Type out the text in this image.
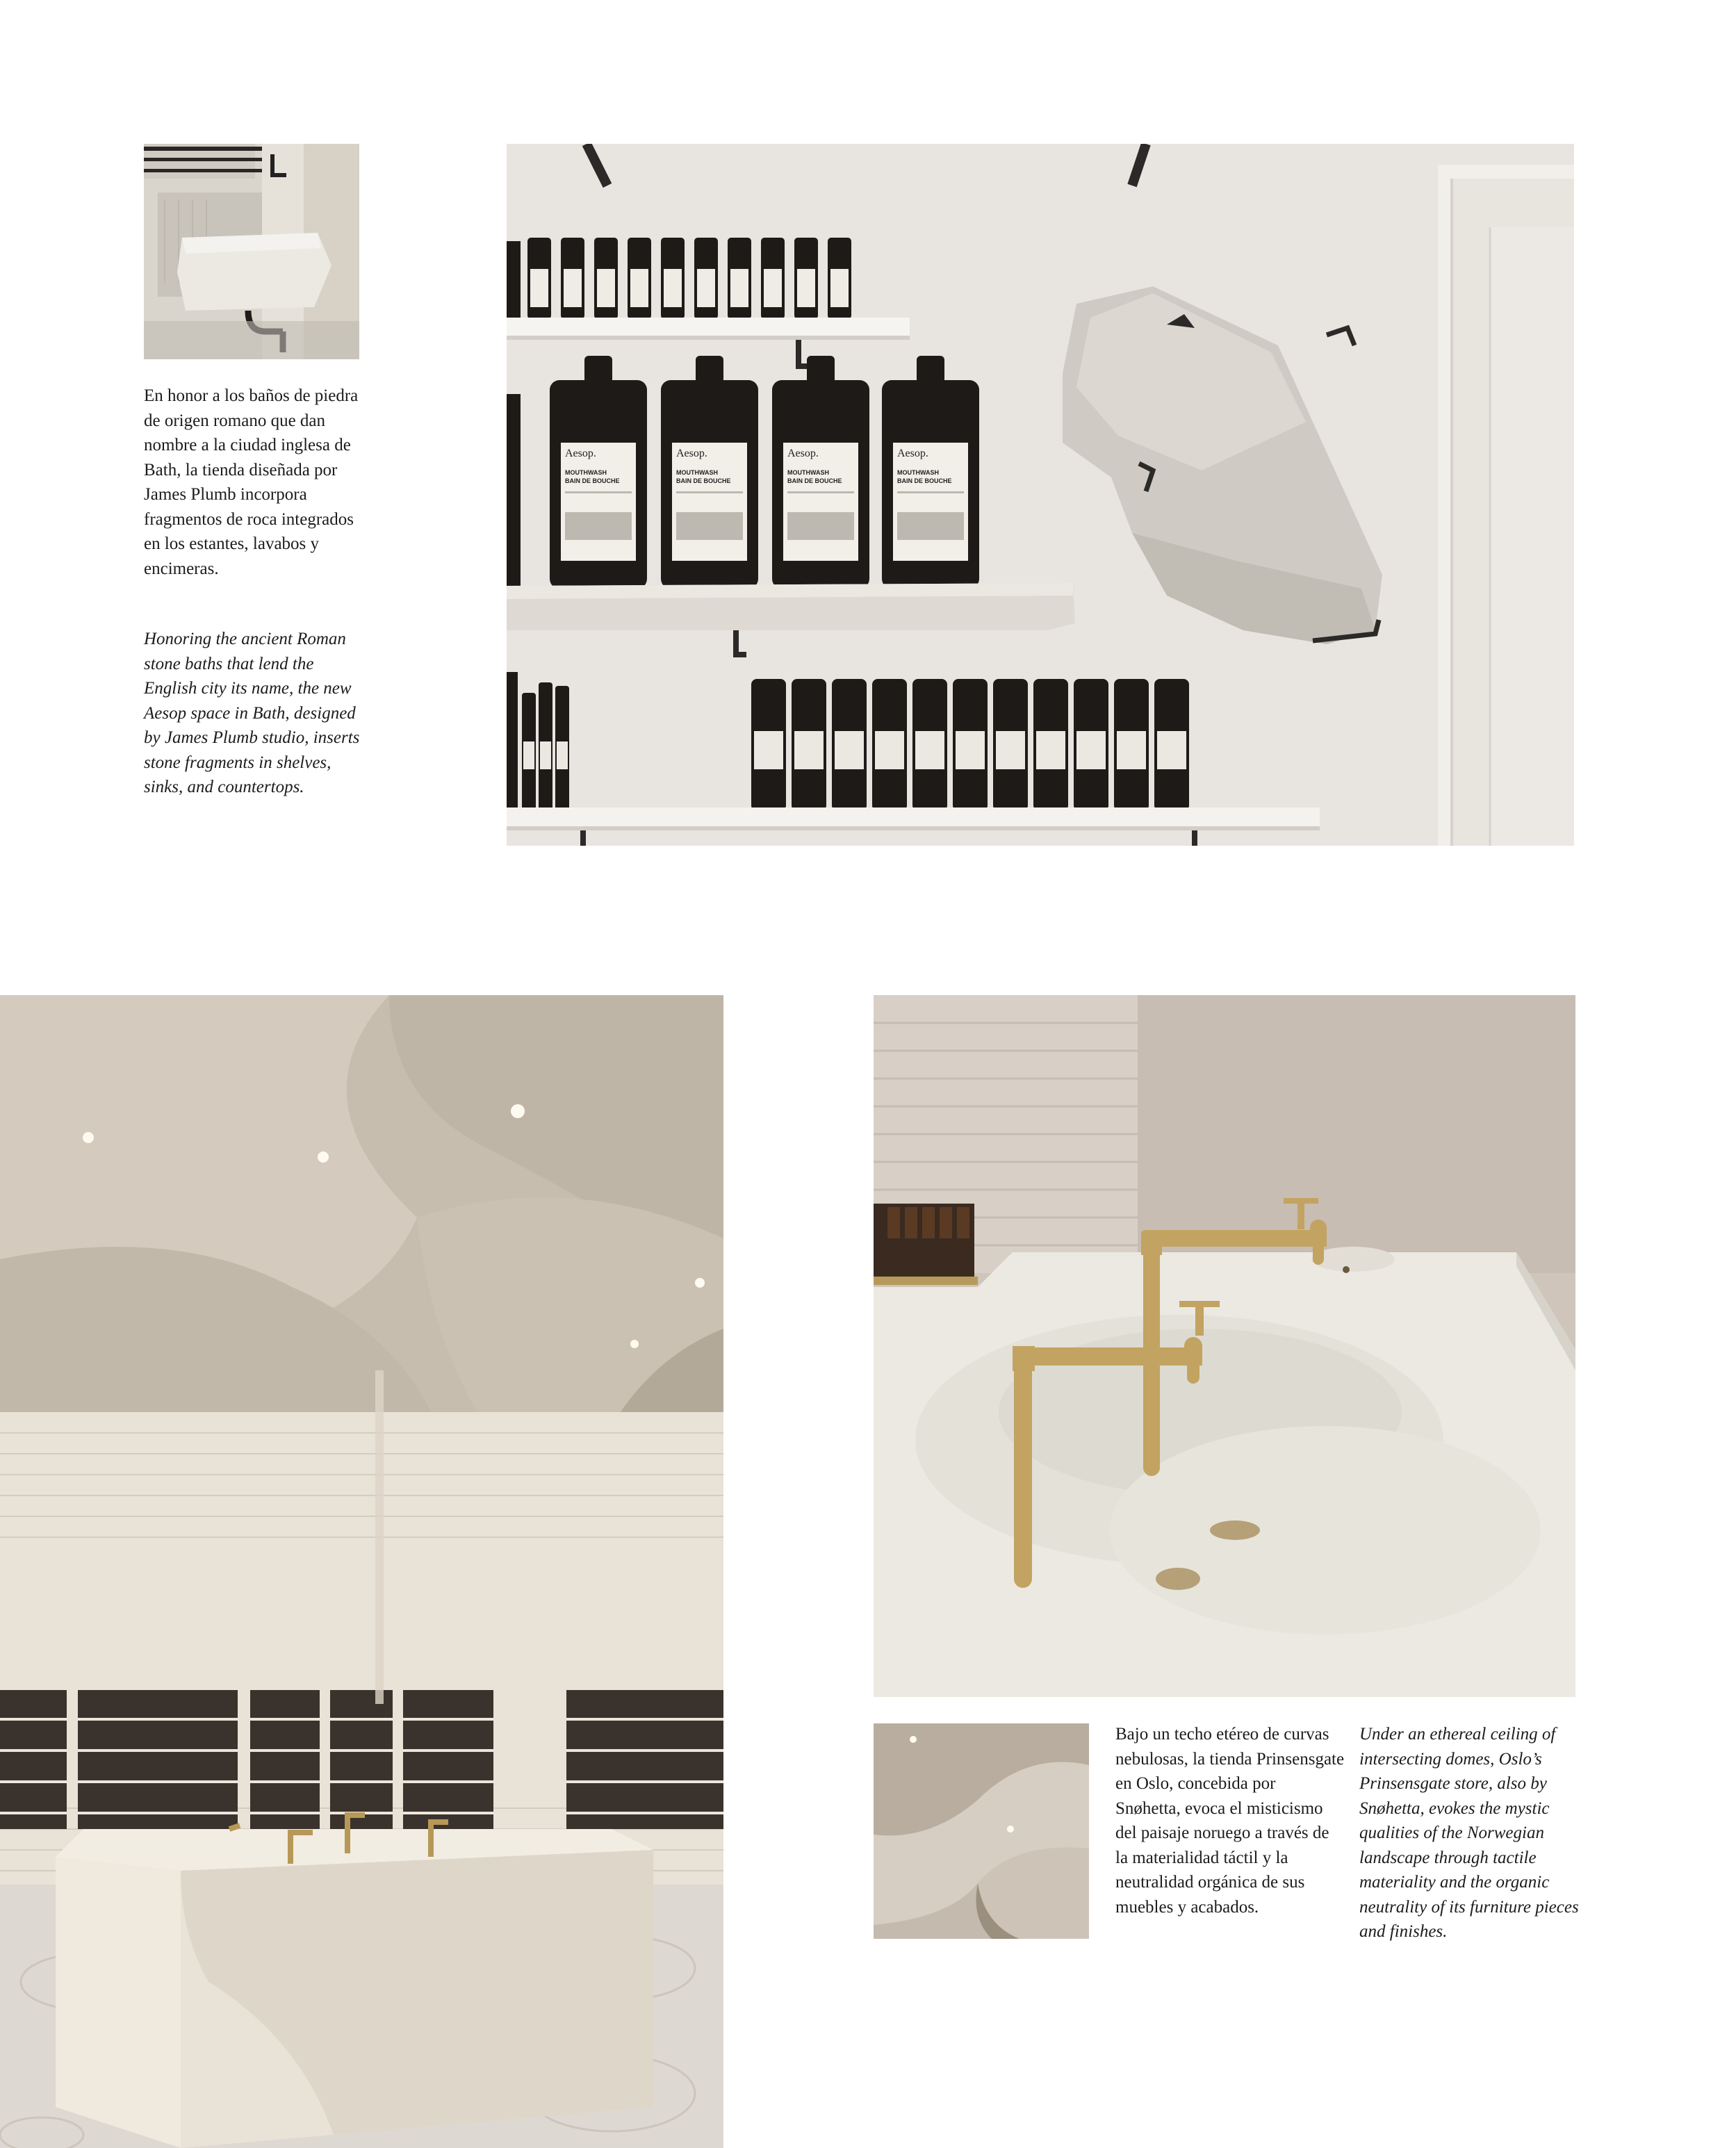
Aesop.	Aesop.	Aesop.	Aesop.
MOUTHWASH
BAIN DE BOUCHE
MOUTHWASH
BAIN DE BOUCHE
MOUTHWASH
BAIN DE BOUCHE
MOUTHWASH
BAIN DE BOUCHE
En honor a los baños de piedra de origen romano que dan nombre a la ciudad inglesa de Bath, la tienda diseñada por James Plumb incorpora fragmentos de roca integrados en los estantes, lavabos y encimeras.
Honoring the ancient Roman stone baths that lend the English city its name, the new Aesop space in Bath, designed by James Plumb studio, inserts stone fragments in shelves, sinks, and countertops.
Bajo un techo etéreo de curvas nebulosas, la tienda Prinsensgate en Oslo, concebida por Snøhetta, evoca el misticismo del paisaje noruego a través de la materialidad táctil y la neutralidad orgánica de sus muebles y acabados.
Under an ethereal ceiling of intersecting domes, Oslo’s Prinsensgate store, also by Snøhetta, evokes the mystic qualities of the Norwegian landscape through tactile materiality and the organic neutrality of its furniture pieces and finishes.
